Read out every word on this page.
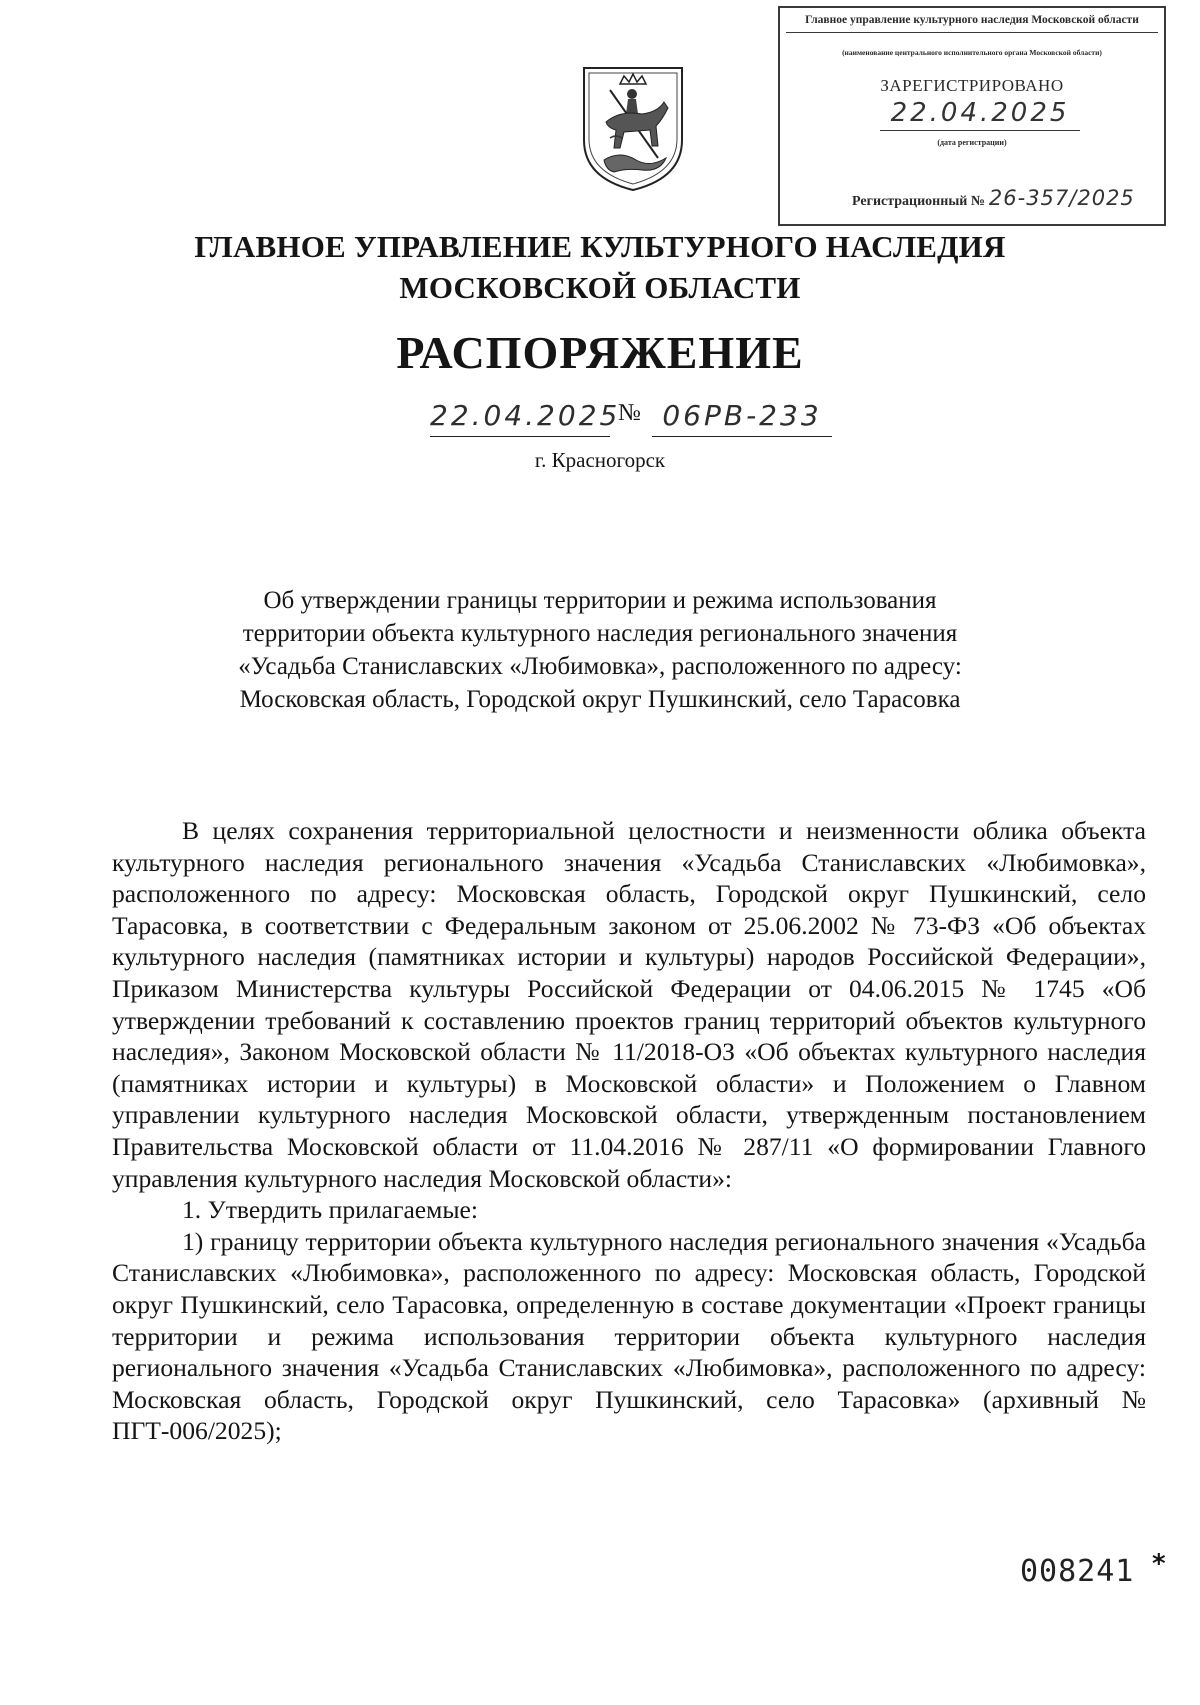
Главное управление культурного наследия Московской области
(наименование центрального исполнительного органа Московской области)
ЗАРЕГИСТРИРОВАНО
22.04.2025
(дата регистрации)
Регистрационный № 26-357/2025
ГЛАВНОЕ УПРАВЛЕНИЕ КУЛЬТУРНОГО НАСЛЕДИЯ
МОСКОВСКОЙ ОБЛАСТИ
РАСПОРЯЖЕНИЕ
22.04.2025
№ 06РВ-233
г. Красногорск
Об утверждении границы территории и режима использования
территории объекта культурного наследия регионального значения
«Усадьба Станиславских «Любимовка», расположенного по адресу:
Московская область, Городской округ Пушкинский, село Тарасовка

В целях сохранения территориальной целостности и неизменности облика объекта культурного наследия регионального значения «Усадьба Станиславских «Любимовка», расположенного по адресу: Московская область, Городской округ Пушкинский, село Тарасовка, в соответствии с Федеральным законом от 25.06.2002 № 73-ФЗ «Об объектах культурного наследия (памятниках истории и культуры) народов Российской Федерации», Приказом Министерства культуры Российской Федерации от 04.06.2015 № 1745 «Об утверждении требований к составлению проектов границ территорий объектов культурного наследия», Законом Московской области № 11/2018-ОЗ «Об объектах культурного наследия (памятниках истории и культуры) в Московской области» и Положением о Главном управлении культурного наследия Московской области, утвержденным постановлением Правительства Московской области от 11.04.2016 № 287/11 «О формировании Главного управления культурного наследия Московской области»:

1. Утвердить прилагаемые:

1) границу территории объекта культурного наследия регионального значения «Усадьба Станиславских «Любимовка», расположенного по адресу: Московская область, Городской округ Пушкинский, село Тарасовка, определенную в составе документации «Проект границы территории и режима использования территории объекта культурного наследия регионального значения «Усадьба Станиславских «Любимовка», расположенного по адресу: Московская область, Городской округ Пушкинский, село Тарасовка» (архивный № ПГТ-006/2025);

008241 *
